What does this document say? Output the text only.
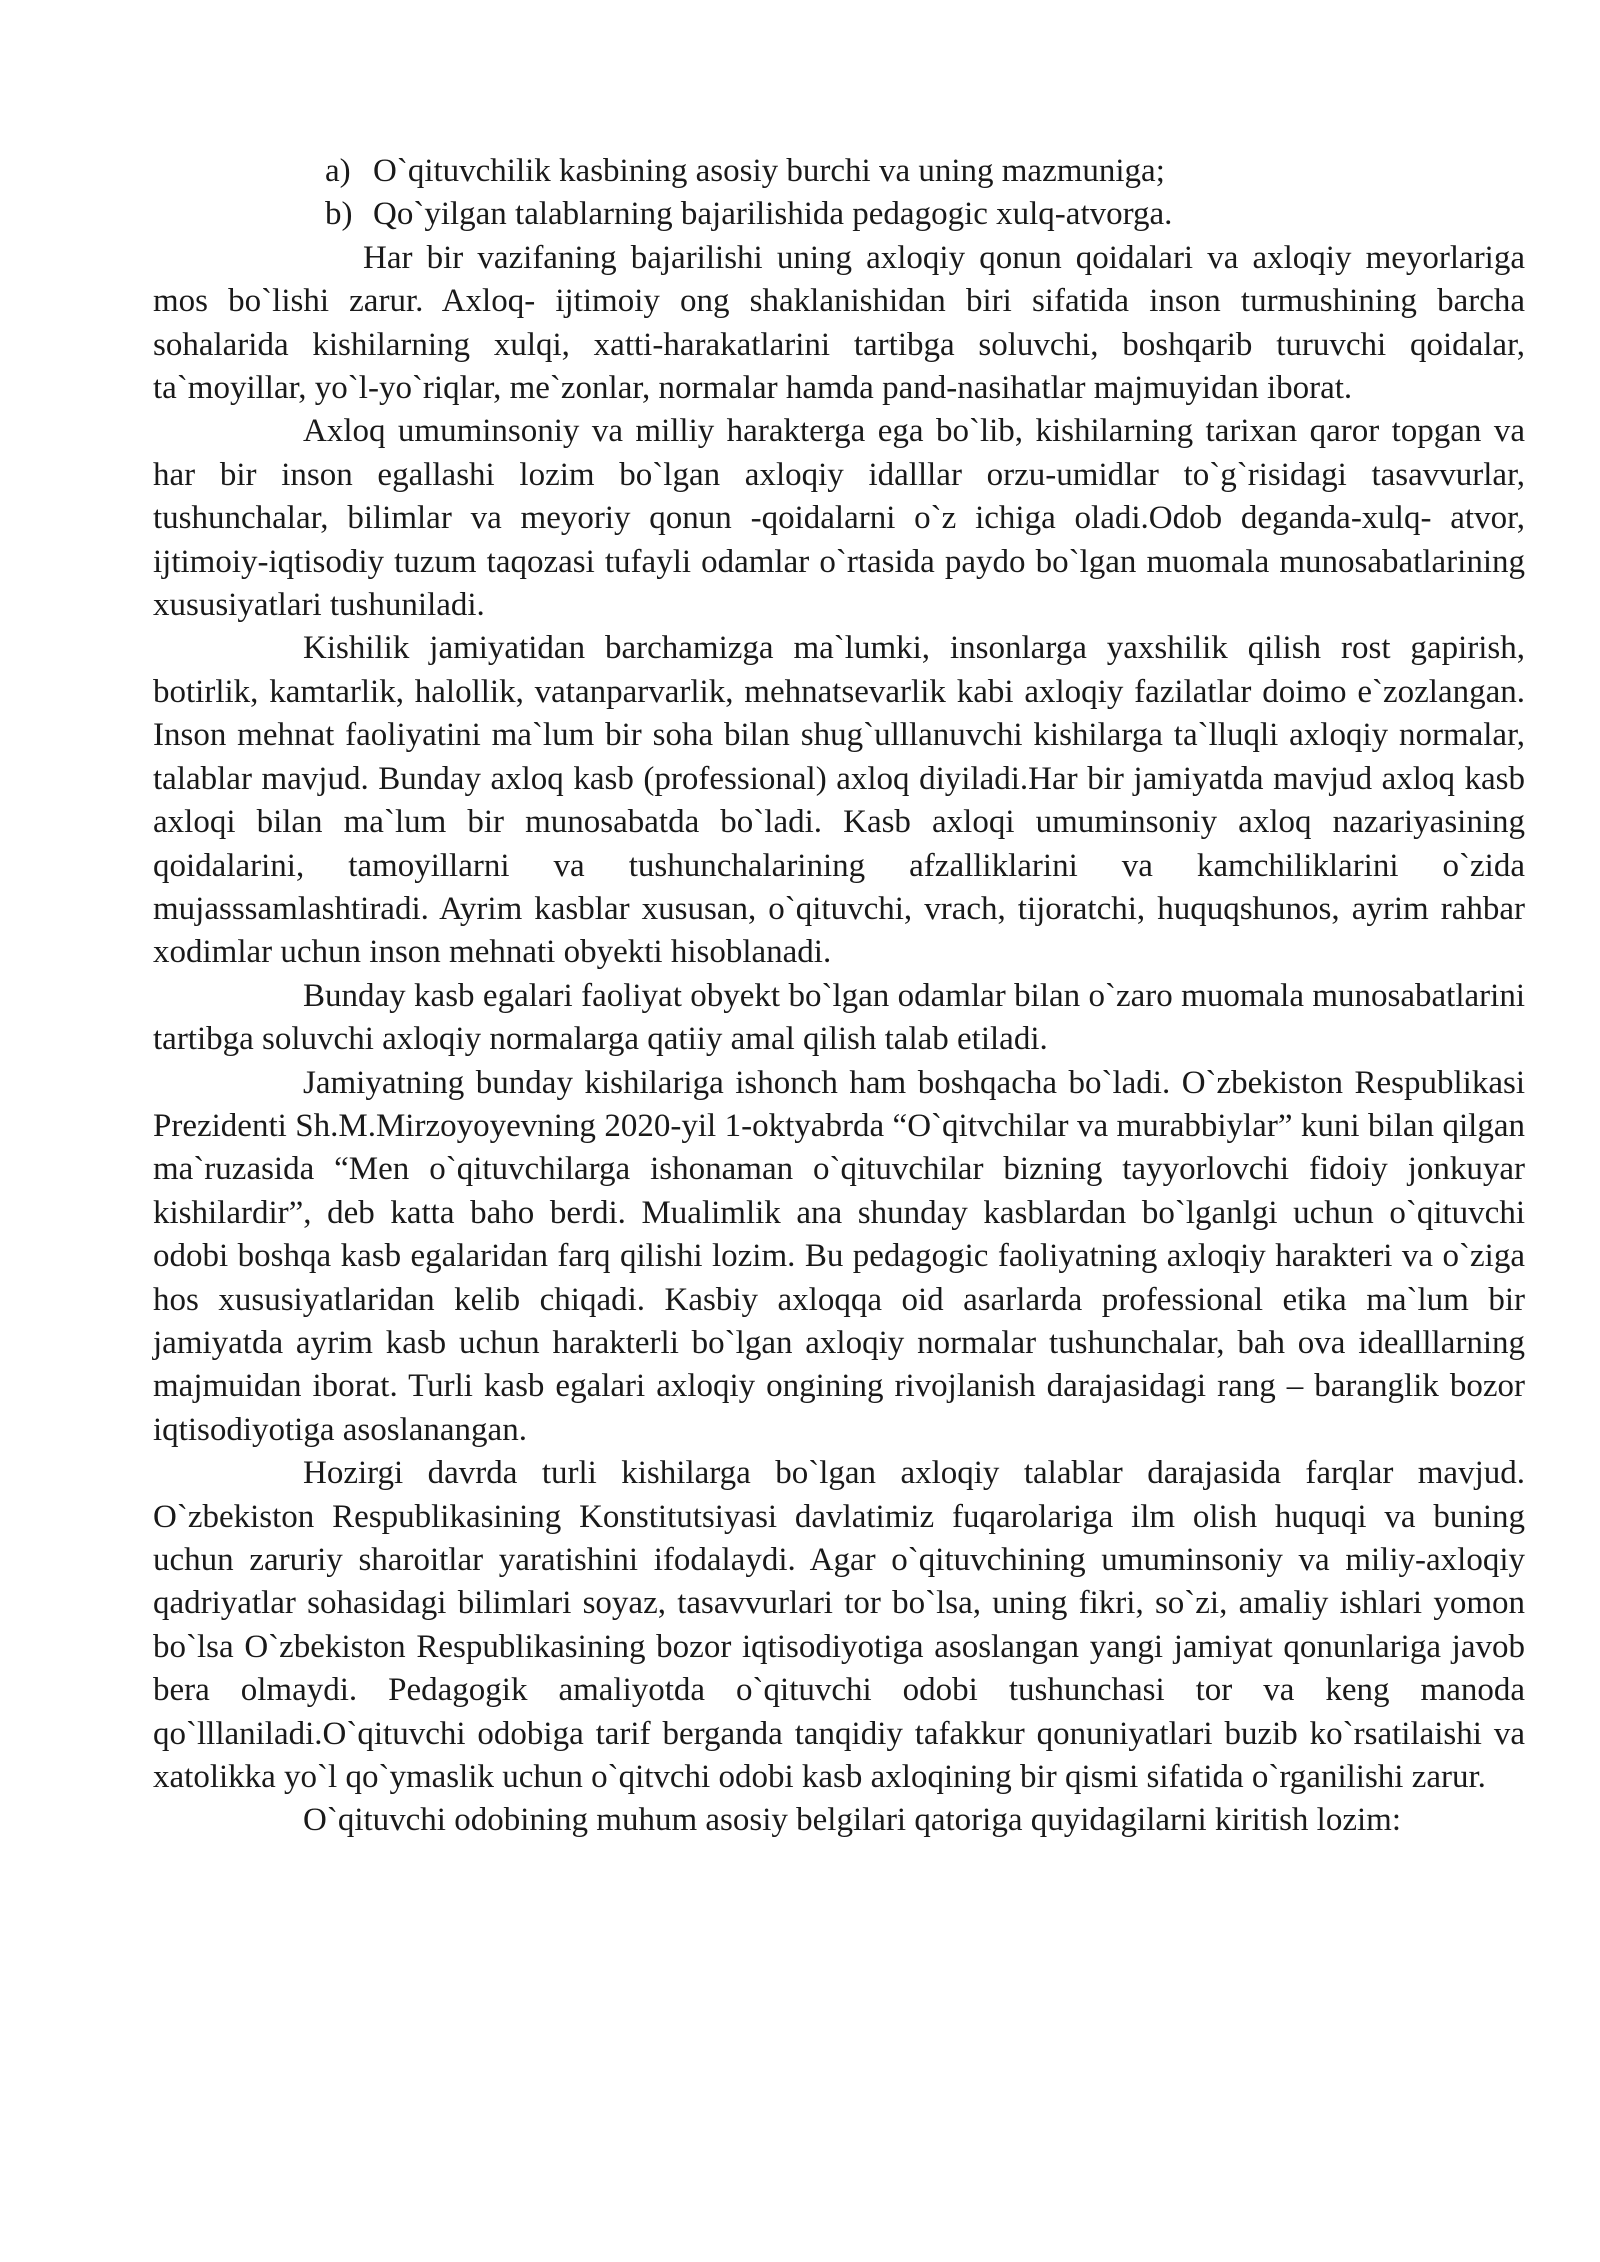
a) O`qituvchilik kasbining asosiy burchi va uning mazmuniga;
b) Qo`yilgan talablarning bajarilishida pedagogic xulq-atvorga.

Har bir vazifaning bajarilishi uning axloqiy qonun qoidalari va axloqiy meyorlariga mos bo`lishi zarur. Axloq- ijtimoiy ong shaklanishidan biri sifatida inson turmushining barcha sohalarida kishilarning xulqi, xatti-harakatlarini tartibga soluvchi, boshqarib turuvchi qoidalar, ta`moyillar, yo`l-yo`riqlar, me`zonlar, normalar hamda pand-nasihatlar majmuyidan iborat.

Axloq umuminsoniy va milliy harakterga ega bo`lib, kishilarning tarixan qaror topgan va har bir inson egallashi lozim bo`lgan axloqiy idalllar orzu-umidlar to`g`risidagi tasavvurlar, tushunchalar, bilimlar va meyoriy qonun -qoidalarni o`z ichiga oladi.Odob deganda-xulq- atvor, ijtimoiy-iqtisodiy tuzum taqozasi tufayli odamlar o`rtasida paydo bo`lgan muomala munosabatlarining xususiyatlari tushuniladi.

Kishilik jamiyatidan barchamizga ma`lumki, insonlarga yaxshilik qilish rost gapirish, botirlik, kamtarlik, halollik, vatanparvarlik, mehnatsevarlik kabi axloqiy fazilatlar doimo e`zozlangan. Inson mehnat faoliyatini ma`lum bir soha bilan shug`ulllanuvchi kishilarga ta`lluqli axloqiy normalar, talablar mavjud. Bunday axloq kasb (professional) axloq diyiladi.Har bir jamiyatda mavjud axloq kasb axloqi bilan ma`lum bir munosabatda bo`ladi. Kasb axloqi umuminsoniy axloq nazariyasining qoidalarini, tamoyillarni va tushunchalarining afzalliklarini va kamchiliklarini o`zida mujasssamlashtiradi. Ayrim kasblar xususan, o`qituvchi, vrach, tijoratchi, huquqshunos, ayrim rahbar xodimlar uchun inson mehnati obyekti hisoblanadi.

Bunday kasb egalari faoliyat obyekt bo`lgan odamlar bilan o`zaro muomala munosabatlarini tartibga soluvchi axloqiy normalarga qatiiy amal qilish talab etiladi.

Jamiyatning bunday kishilariga ishonch ham boshqacha bo`ladi. O`zbekiston Respublikasi Prezidenti Sh.M.Mirzoyoyevning 2020-yil 1-oktyabrda “O`qitvchilar va murabbiylar” kuni bilan qilgan ma`ruzasida “Men o`qituvchilarga ishonaman o`qituvchilar bizning tayyorlovchi fidoiy jonkuyar kishilardir”, deb katta baho berdi. Mualimlik ana shunday kasblardan bo`lganlgi uchun o`qituvchi odobi boshqa kasb egalaridan farq qilishi lozim. Bu pedagogic faoliyatning axloqiy harakteri va o`ziga hos xususiyatlaridan kelib chiqadi. Kasbiy axloqqa oid asarlarda professional etika ma`lum bir jamiyatda ayrim kasb uchun harakterli bo`lgan axloqiy normalar tushunchalar, bah ova idealllarning majmuidan iborat. Turli kasb egalari axloqiy ongining rivojlanish darajasidagi rang – baranglik bozor iqtisodiyotiga asoslanangan.

Hozirgi davrda turli kishilarga bo`lgan axloqiy talablar darajasida farqlar mavjud. O`zbekiston Respublikasining Konstitutsiyasi davlatimiz fuqarolariga ilm olish huquqi va buning uchun zaruriy sharoitlar yaratishini ifodalaydi. Agar o`qituvchining umuminsoniy va miliy-axloqiy qadriyatlar sohasidagi bilimlari soyaz, tasavvurlari tor bo`lsa, uning fikri, so`zi, amaliy ishlari yomon bo`lsa O`zbekiston Respublikasining bozor iqtisodiyotiga asoslangan yangi jamiyat qonunlariga javob bera olmaydi. Pedagogik amaliyotda o`qituvchi odobi tushunchasi tor va keng manoda qo`lllaniladi.O`qituvchi odobiga tarif berganda tanqidiy tafakkur qonuniyatlari buzib ko`rsatilaishi va xatolikka yo`l qo`ymaslik uchun o`qitvchi odobi kasb axloqining bir qismi sifatida o`rganilishi zarur.

O`qituvchi odobining muhum asosiy belgilari qatoriga quyidagilarni kiritish lozim:
